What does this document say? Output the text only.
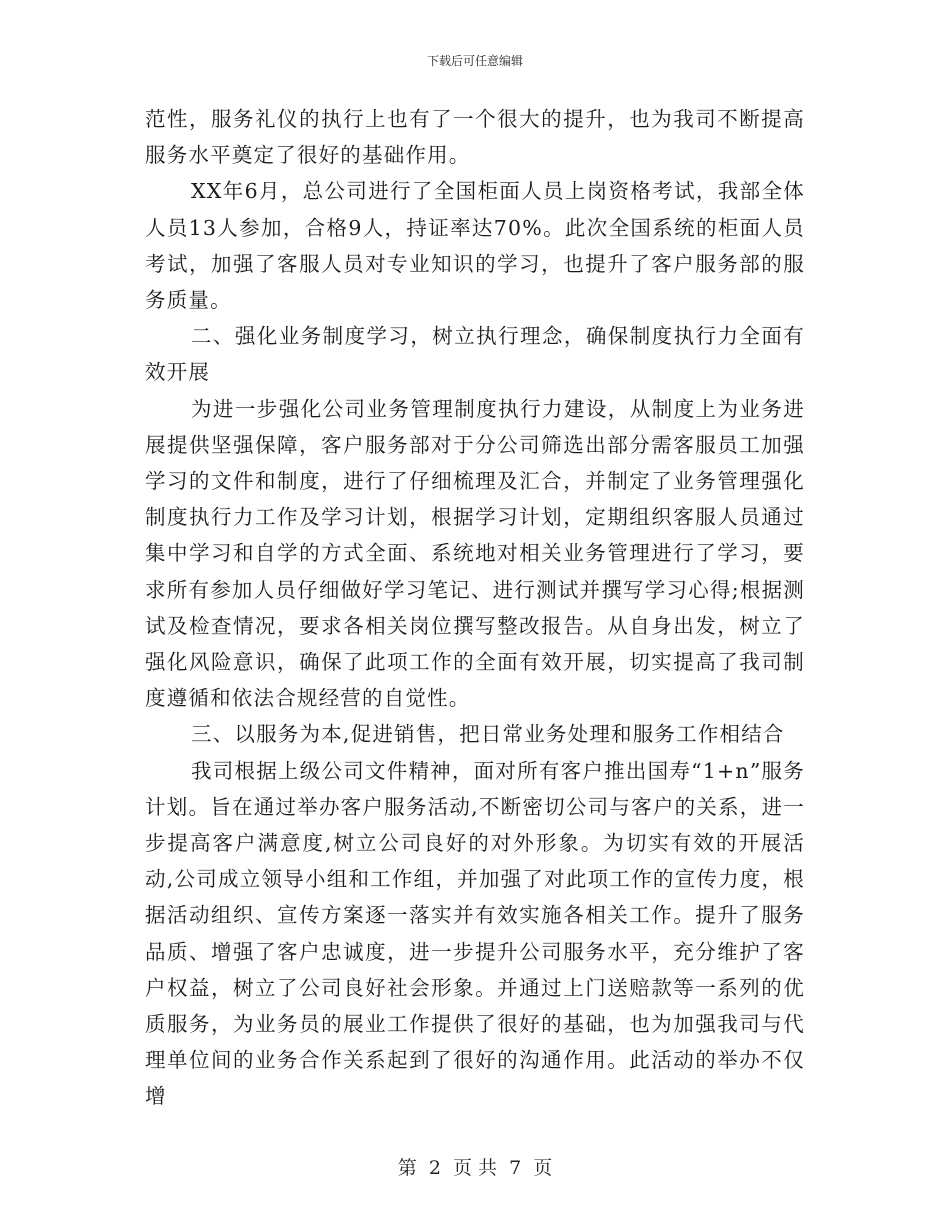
下载后可任意编辑

范性，服务礼仪的执行上也有了一个很大的提升，也为我司不断提高服务水平奠定了很好的基础作用。

XX年6月，总公司进行了全国柜面人员上岗资格考试，我部全体人员13人参加，合格9人，持证率达70%。此次全国系统的柜面人员考试，加强了客服人员对专业知识的学习，也提升了客户服务部的服务质量。

二、强化业务制度学习，树立执行理念，确保制度执行力全面有效开展

为进一步强化公司业务管理制度执行力建设，从制度上为业务进展提供坚强保障，客户服务部对于分公司筛选出部分需客服员工加强学习的文件和制度，进行了仔细梳理及汇合，并制定了业务管理强化制度执行力工作及学习计划，根据学习计划，定期组织客服人员通过集中学习和自学的方式全面、系统地对相关业务管理进行了学习，要求所有参加人员仔细做好学习笔记、进行测试并撰写学习心得;根据测试及检查情况，要求各相关岗位撰写整改报告。从自身出发，树立了强化风险意识，确保了此项工作的全面有效开展，切实提高了我司制度遵循和依法合规经营的自觉性。

三、以服务为本,促进销售，把日常业务处理和服务工作相结合

我司根据上级公司文件精神，面对所有客户推出国寿“1+n”服务计划。旨在通过举办客户服务活动,不断密切公司与客户的关系，进一步提高客户满意度,树立公司良好的对外形象。为切实有效的开展活动,公司成立领导小组和工作组，并加强了对此项工作的宣传力度，根据活动组织、宣传方案逐一落实并有效实施各相关工作。提升了服务品质、增强了客户忠诚度，进一步提升公司服务水平，充分维护了客户权益，树立了公司良好社会形象。并通过上门送赔款等一系列的优质服务，为业务员的展业工作提供了很好的基础，也为加强我司与代理单位间的业务合作关系起到了很好的沟通作用。此活动的举办不仅增

第 2 页 共 7 页
